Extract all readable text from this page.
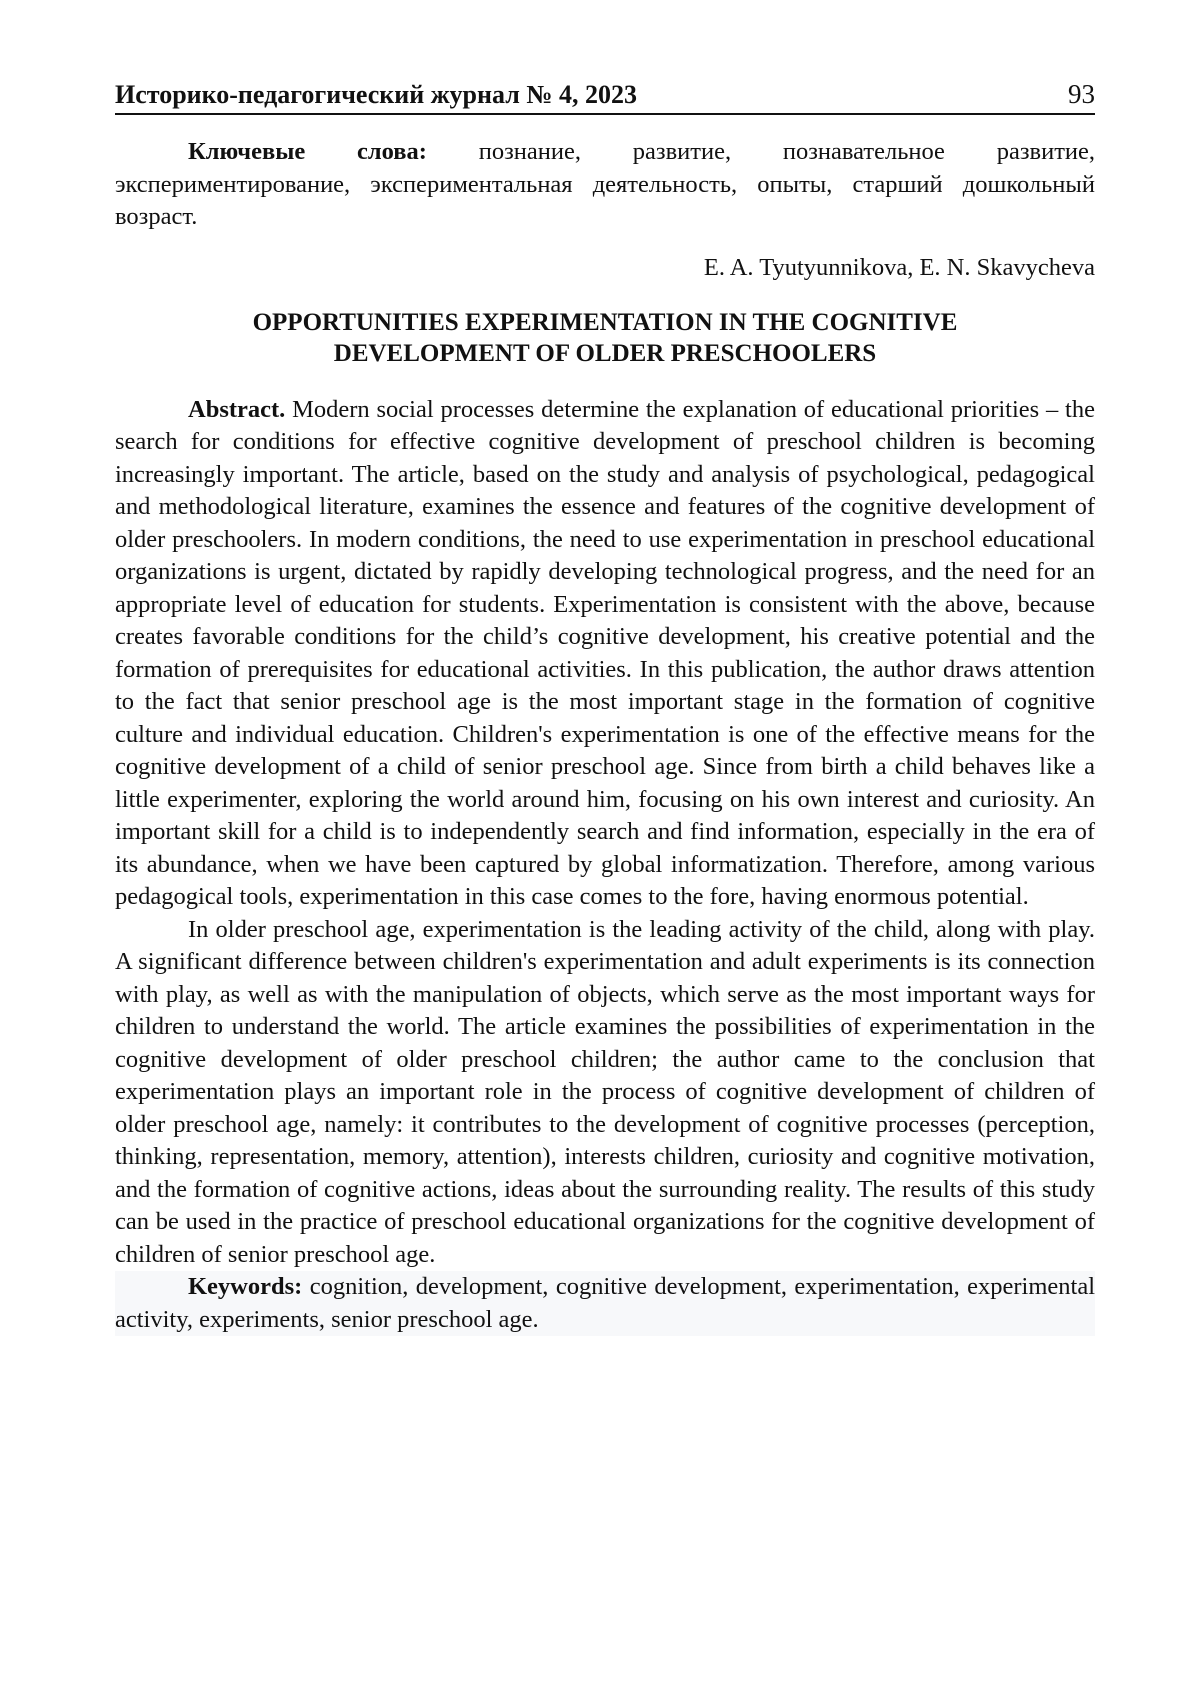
Историко-педагогический журнал № 4, 2023	93

Ключевые слова: познание, развитие, познавательное развитие, экспериментирование, экспериментальная деятельность, опыты, старший дошкольный возраст.

E. A. Tyutyunnikova, E. N. Skavycheva
OPPORTUNITIES EXPERIMENTATION IN THE COGNITIVE
DEVELOPMENT OF OLDER PRESCHOOLERS

Abstract. Modern social processes determine the explanation of educational priorities – the search for conditions for effective cognitive development of preschool children is becoming increasingly important. The article, based on the study and analysis of psychological, pedagogical and methodological literature, examines the essence and features of the cognitive development of older preschoolers. In modern conditions, the need to use experimentation in preschool educational organizations is urgent, dictated by rapidly developing technological progress, and the need for an appropriate level of education for students. Experimentation is consistent with the above, because creates favorable conditions for the child’s cognitive development, his creative potential and the formation of prerequisites for educational activities. In this publication, the author draws attention to the fact that senior preschool age is the most important stage in the formation of cognitive culture and individual education. Children's experimentation is one of the effective means for the cognitive development of a child of senior preschool age. Since from birth a child behaves like a little experimenter, exploring the world around him, focusing on his own interest and curiosity. An important skill for a child is to independently search and find information, especially in the era of its abundance, when we have been captured by global informatization. Therefore, among various pedagogical tools, experimentation in this case comes to the fore, having enormous potential.

In older preschool age, experimentation is the leading activity of the child, along with play. A significant difference between children's experimentation and adult experiments is its connection with play, as well as with the manipulation of objects, which serve as the most important ways for children to understand the world. The article examines the possibilities of experimentation in the cognitive development of older preschool children; the author came to the conclusion that experimentation plays an important role in the process of cognitive development of children of older preschool age, namely: it contributes to the development of cognitive processes (perception, thinking, representation, memory, attention), interests children, curiosity and cognitive motivation, and the formation of cognitive actions, ideas about the surrounding reality. The results of this study can be used in the practice of preschool educational organizations for the cognitive development of children of senior preschool age.

Keywords: cognition, development, cognitive development, experimentation, experimental activity, experiments, senior preschool age.
